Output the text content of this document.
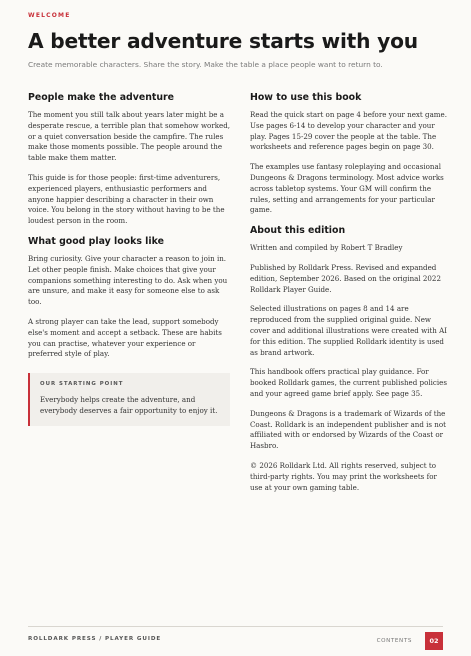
WELCOME
A better adventure starts with you
Create memorable characters. Share the story. Make the table a place people want to return to.
People make the adventure

The moment you still talk about years later might be a desperate rescue, a terrible plan that somehow worked, or a quiet conversation beside the campfire. The rules make those moments possible. The people around the table make them matter.

This guide is for those people: first-time adventurers, experienced players, enthusiastic performers and anyone happier describing a character in their own voice. You belong in the story without having to be the loudest person in the room.

What good play looks like

Bring curiosity. Give your character a reason to join in. Let other people finish. Make choices that give your companions something interesting to do. Ask when you are unsure, and make it easy for someone else to ask too.

A strong player can take the lead, support somebody else's moment and accept a setback. These are habits you can practise, whatever your experience or preferred style of play.

OUR STARTING POINT

Everybody helps create the adventure, and everybody deserves a fair opportunity to enjoy it.

How to use this book

Read the quick start on page 4 before your next game. Use pages 6-14 to develop your character and your play. Pages 15-29 cover the people at the table. The worksheets and reference pages begin on page 30.

The examples use fantasy roleplaying and occasional Dungeons & Dragons terminology. Most advice works across tabletop systems. Your GM will confirm the rules, setting and arrangements for your particular game.

About this edition

Written and compiled by Robert T Bradley

Published by Rolldark Press. Revised and expanded edition, September 2026. Based on the original 2022 Rolldark Player Guide.

Selected illustrations on pages 8 and 14 are reproduced from the supplied original guide. New cover and additional illustrations were created with AI for this edition. The supplied Rolldark identity is used as brand artwork.

This handbook offers practical play guidance. For booked Rolldark games, the current published policies and your agreed game brief apply. See page 35.

Dungeons & Dragons is a trademark of Wizards of the Coast. Rolldark is an independent publisher and is not affiliated with or endorsed by Wizards of the Coast or Hasbro.

© 2026 Rolldark Ltd. All rights reserved, subject to third-party rights. You may print the worksheets for use at your own gaming table.

ROLLDARK PRESS / PLAYER GUIDE	CONTENTS	02
